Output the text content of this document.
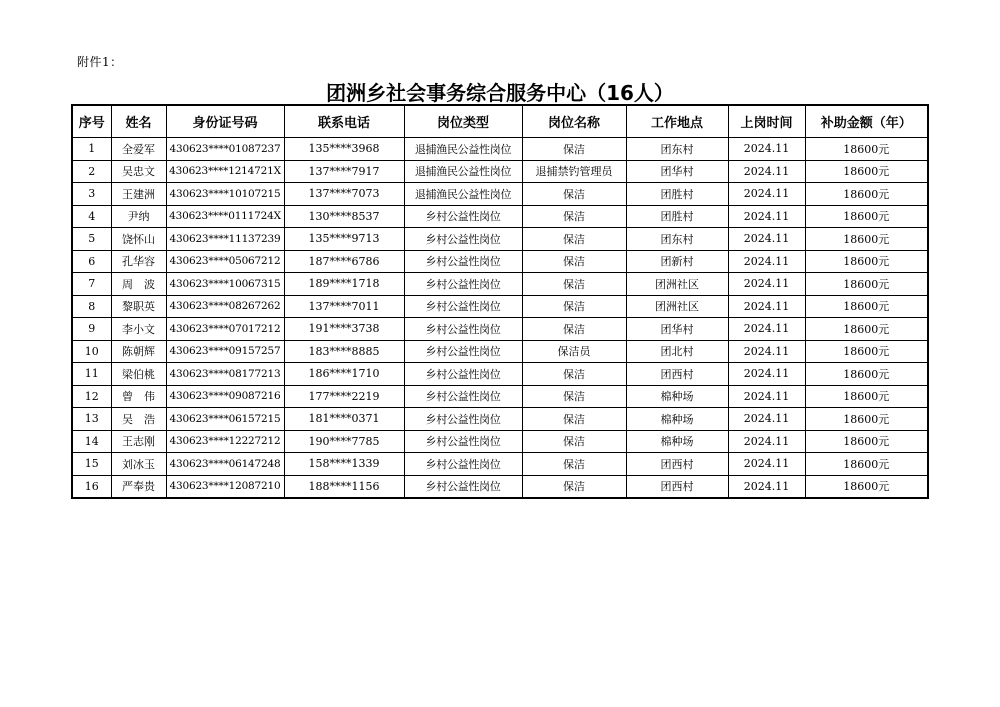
附件1：
团洲乡社会事务综合服务中心（16人）
序号	姓名	身份证号码	联系电话	岗位类型	岗位名称	工作地点	上岗时间	补助金额（年）
1	全爱军	430623****01087237	135****3968	退捕渔民公益性岗位	保洁	团东村	2024.11	18600元
2	吴忠文	430623****1214721X	137****7917	退捕渔民公益性岗位	退捕禁钓管理员	团华村	2024.11	18600元
3	王建洲	430623****10107215	137****7073	退捕渔民公益性岗位	保洁	团胜村	2024.11	18600元
4	尹纳	430623****0111724X	130****8537	乡村公益性岗位	保洁	团胜村	2024.11	18600元
5	饶怀山	430623****11137239	135****9713	乡村公益性岗位	保洁	团东村	2024.11	18600元
6	孔华容	430623****05067212	187****6786	乡村公益性岗位	保洁	团新村	2024.11	18600元
7	周　波	430623****10067315	189****1718	乡村公益性岗位	保洁	团洲社区	2024.11	18600元
8	黎职英	430623****08267262	137****7011	乡村公益性岗位	保洁	团洲社区	2024.11	18600元
9	李小文	430623****07017212	191****3738	乡村公益性岗位	保洁	团华村	2024.11	18600元
10	陈朝辉	430623****09157257	183****8885	乡村公益性岗位	保洁员	团北村	2024.11	18600元
11	梁伯桃	430623****08177213	186****1710	乡村公益性岗位	保洁	团西村	2024.11	18600元
12	曾　伟	430623****09087216	177****2219	乡村公益性岗位	保洁	棉种场	2024.11	18600元
13	吴　浩	430623****06157215	181****0371	乡村公益性岗位	保洁	棉种场	2024.11	18600元
14	王志刚	430623****12227212	190****7785	乡村公益性岗位	保洁	棉种场	2024.11	18600元
15	刘冰玉	430623****06147248	158****1339	乡村公益性岗位	保洁	团西村	2024.11	18600元
16	严奉贵	430623****12087210	188****1156	乡村公益性岗位	保洁	团西村	2024.11	18600元
